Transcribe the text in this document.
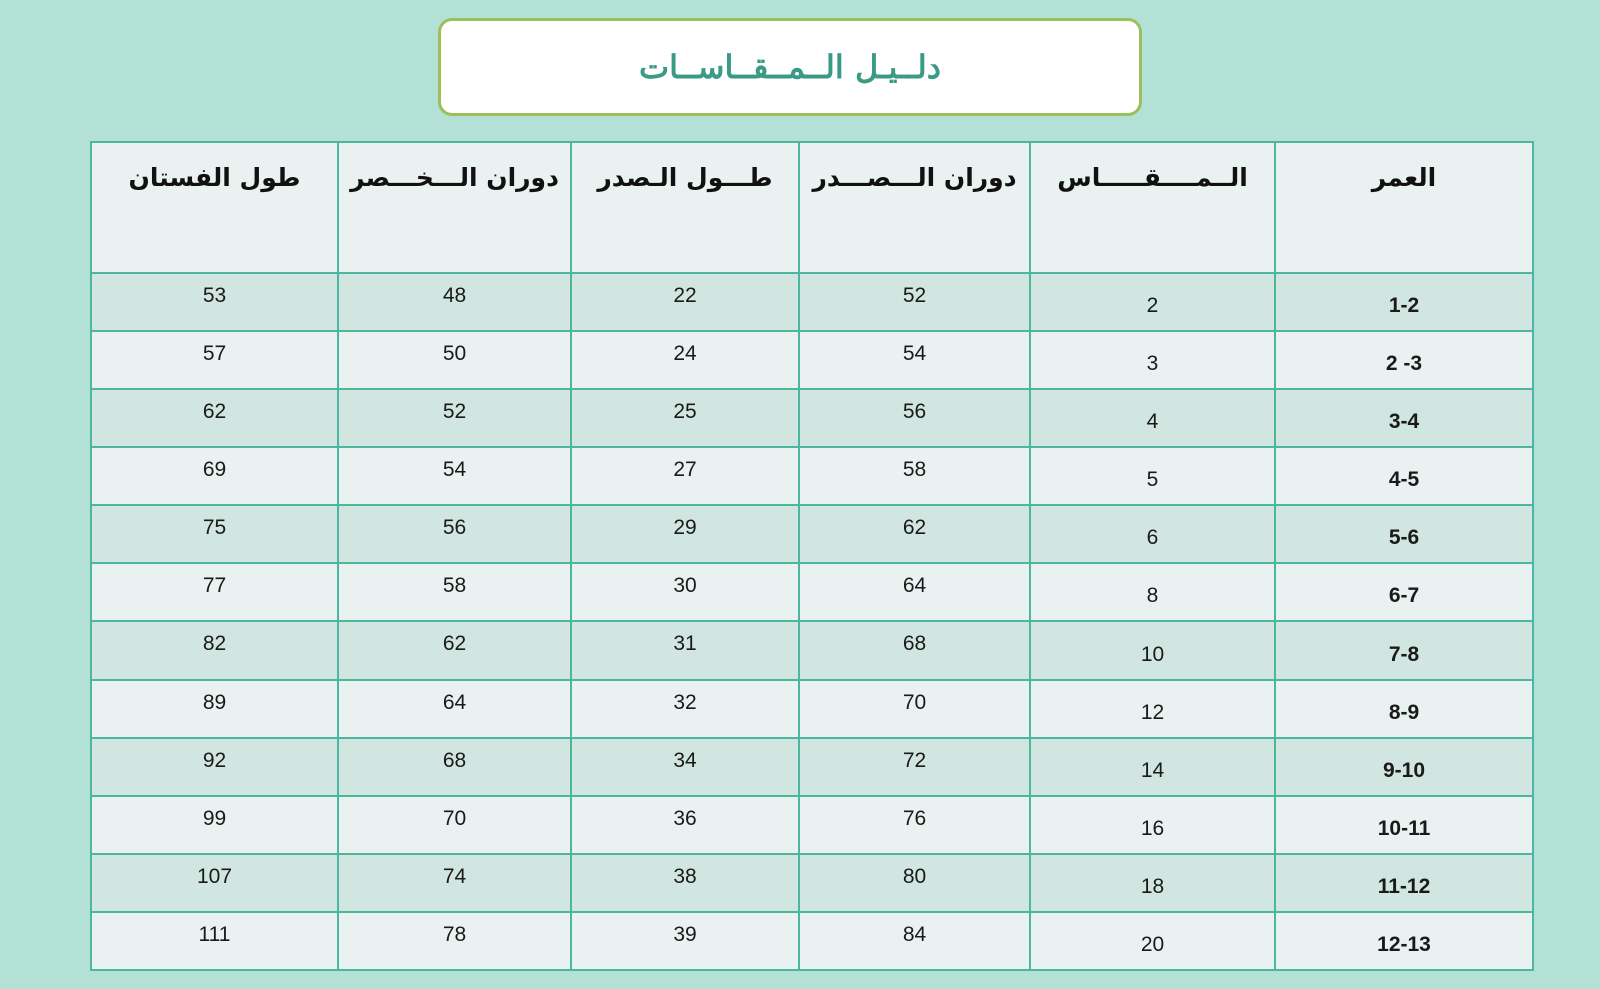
دلــيـل الــمــقــاســات
العمر	الــمــــقـــــاس	دوران الـــصـــدر	طـــول الـصدر	دوران الـــخـــصر	طول الفستان
1-2	2	52	22	48	53
2 -3	3	54	24	50	57
3-4	4	56	25	52	62
4-5	5	58	27	54	69
5-6	6	62	29	56	75
6-7	8	64	30	58	77
7-8	10	68	31	62	82
8-9	12	70	32	64	89
9-10	14	72	34	68	92
10-11	16	76	36	70	99
11-12	18	80	38	74	107
12-13	20	84	39	78	111
